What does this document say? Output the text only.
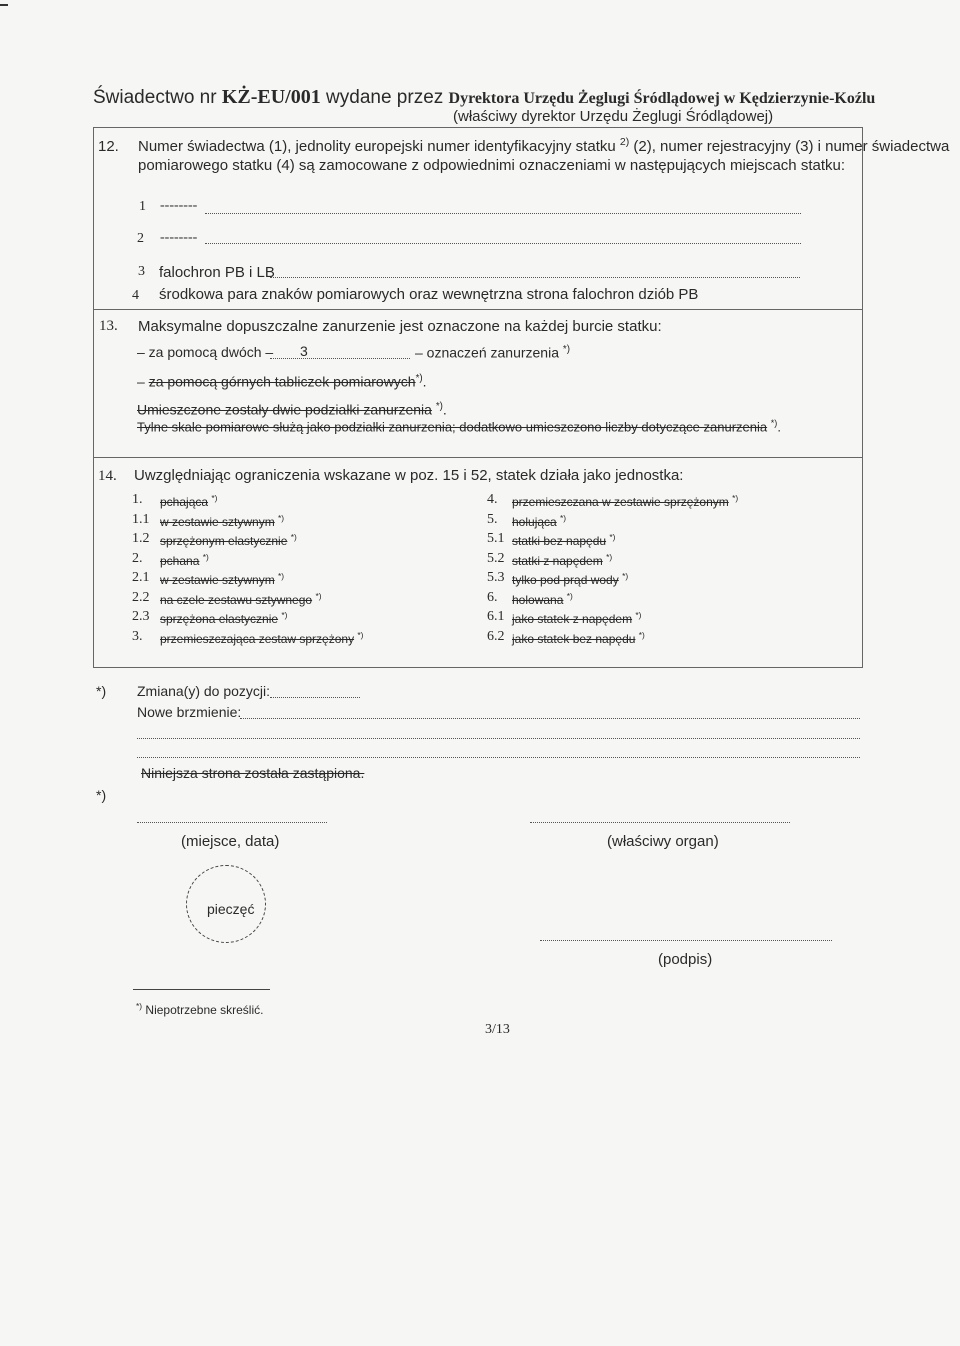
Świadectwo nr KŻ-EU/001 wydane przez Dyrektora Urzędu Żeglugi Śródlądowej w Kędzierzynie-Koźlu
(właściwy dyrektor Urzędu Żeglugi Śródlądowej)
12. Numer świadectwa (1), jednolity europejski numer identyfikacyjny statku $^{2)}$ (2), numer rejestracyjny (3) i numer świadectwa
pomiarowego statku (4) są zamocowane z odpowiednimi oznaczeniami w następujących miejscach statku:
1 --------
2 --------
3 falochron PB i LB
4 środkowa para znaków pomiarowych oraz wewnętrzna strona falochron dziób PB
13. Maksymalne dopuszczalne zanurzenie jest oznaczone na każdej burcie statku:
– za pomocą dwóch – 3	– oznaczeń zanurzenia *)
– za pomocą górnych tabliczek pomiarowych*).
Umieszczone zostały dwie podziałki zanurzenia *).
Tylne skale pomiarowe służą jako podziałki zanurzenia; dodatkowo umieszczono liczby dotyczące zanurzenia *).
14. Uwzględniając ograniczenia wskazane w poz. 15 i 52, statek działa jako jednostka:
1. pchająca *)
1.1 w zestawie sztywnym *)
1.2 sprzężonym elastycznie *)
2. pchana *)
2.1 w zestawie sztywnym *)
2.2 na czele zestawu sztywnego *)
2.3 sprzężona elastycznie *)
3. przemieszczająca zestaw sprzężony *)
4. przemieszczana w zestawie sprzężonym *)
5. holująca *)
5.1 statki bez napędu *)
5.2 statki z napędem *)
5.3 tylko pod prąd wody *)
6. holowana *)
6.1 jako statek z napędem *)
6.2 jako statek bez napędu *)
*) Zmiana(y) do pozycji:
Nowe brzmienie:
*)
Niniejsza strona została zastąpiona.
(miejsce, data)	(właściwy organ)
pieczęć
(podpis)
*) Niepotrzebne skreślić.
3/13
